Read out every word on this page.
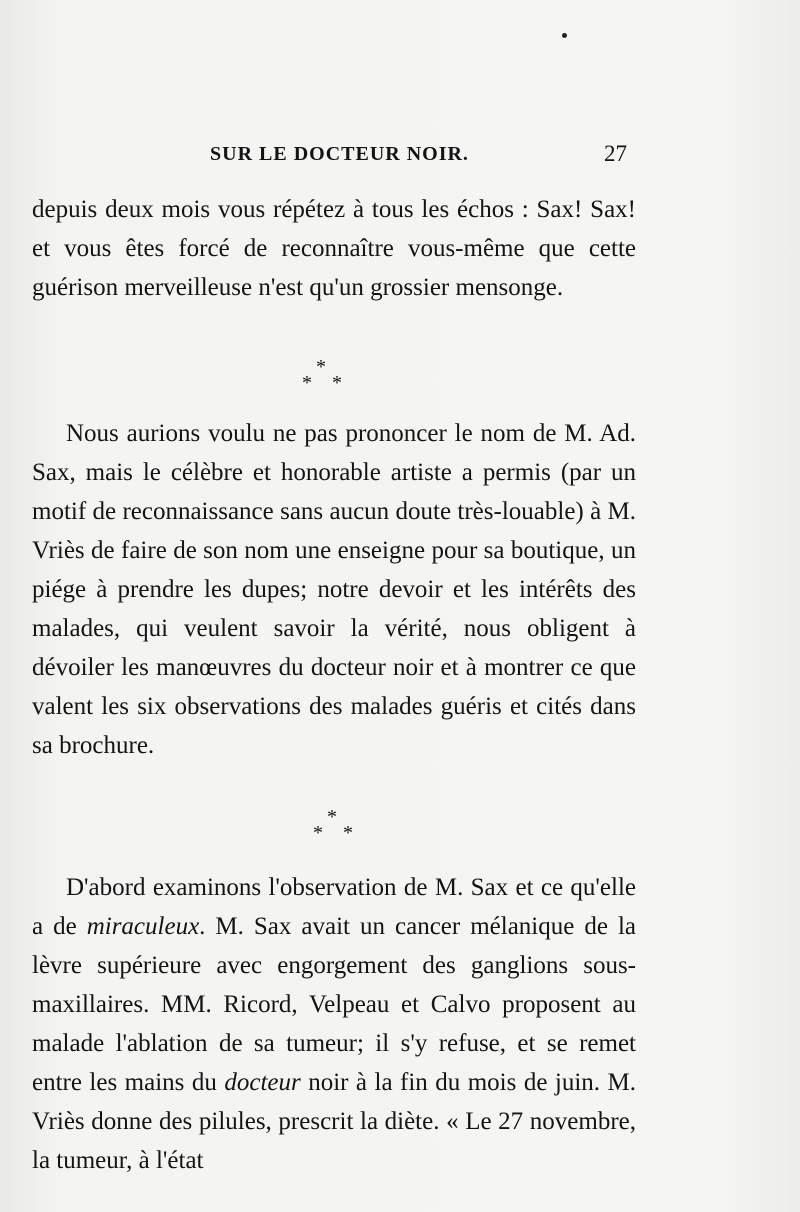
SUR LE DOCTEUR NOIR.	27

depuis deux mois vous répétez à tous les échos : Sax! Sax! et vous êtes forcé de reconnaître vous-même que cette guérison merveilleuse n'est qu'un grossier mensonge.

*
* *

Nous aurions voulu ne pas prononcer le nom de M. Ad. Sax, mais le célèbre et honorable artiste a permis (par un motif de reconnaissance sans aucun doute très-louable) à M. Vriès de faire de son nom une enseigne pour sa boutique, un piége à prendre les dupes; notre devoir et les intérêts des malades, qui veulent savoir la vérité, nous obligent à dévoiler les manœuvres du docteur noir et à montrer ce que valent les six observations des malades guéris et cités dans sa brochure.

*
* *

D'abord examinons l'observation de M. Sax et ce qu'elle a de miraculeux. M. Sax avait un cancer mélanique de la lèvre supérieure avec engorgement des ganglions sous-maxillaires. MM. Ricord, Velpeau et Calvo proposent au malade l'ablation de sa tumeur; il s'y refuse, et se remet entre les mains du docteur noir à la fin du mois de juin. M. Vriès donne des pilules, prescrit la diète. « Le 27 novembre, la tumeur, à l'état
